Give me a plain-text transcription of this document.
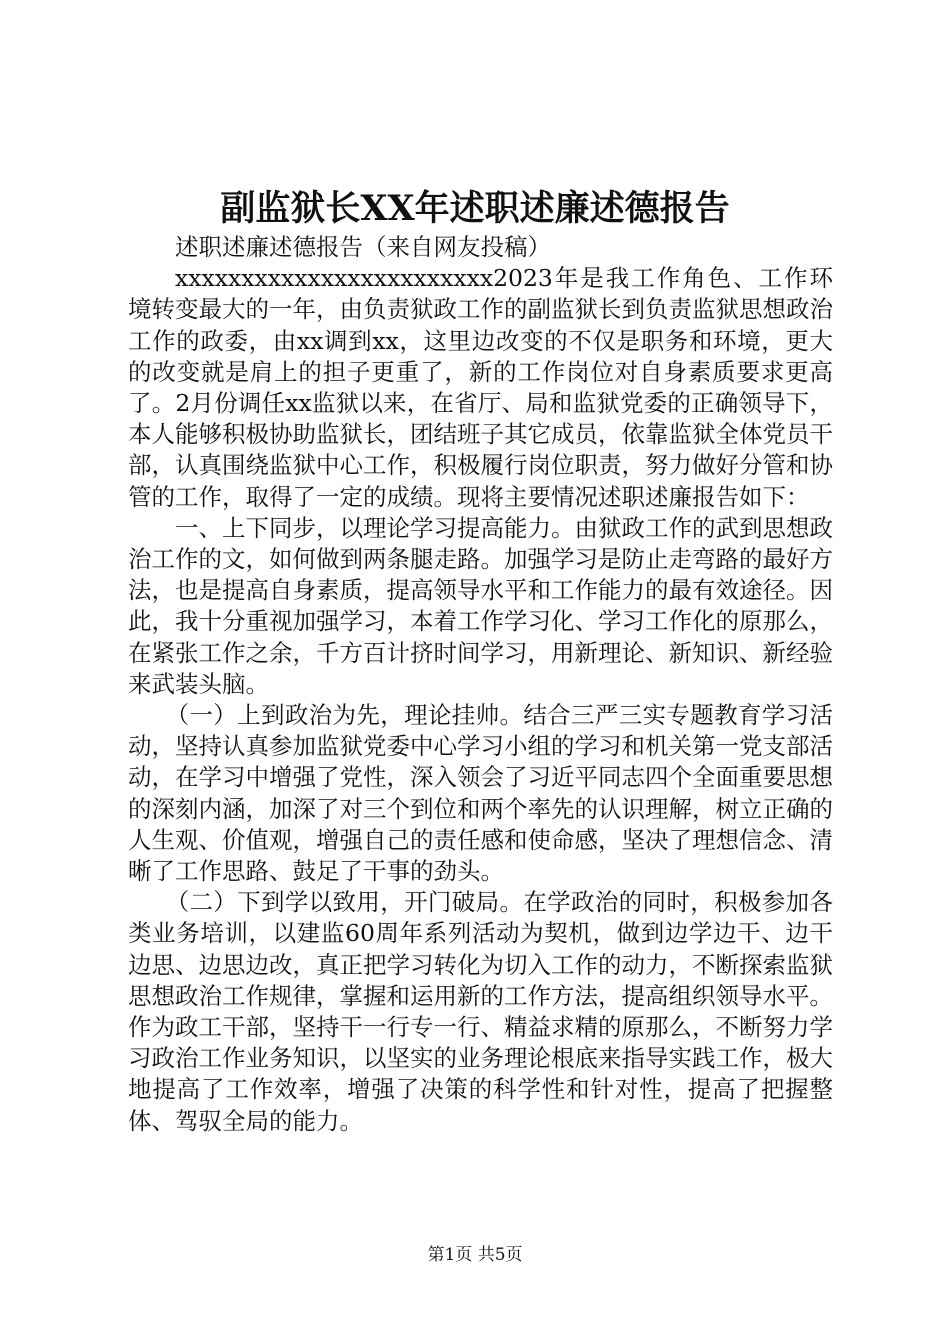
副监狱长XX年述职述廉述德报告

述职述廉述德报告（来自网友投稿）

xxxxxxxxxxxxxxxxxxxxxxxx2023年是我工作角色、工作环境转变最大的一年，由负责狱政工作的副监狱长到负责监狱思想政治工作的政委，由xx调到xx，这里边改变的不仅是职务和环境，更大的改变就是肩上的担子更重了，新的工作岗位对自身素质要求更高了。2月份调任xx监狱以来，在省厅、局和监狱党委的正确领导下，本人能够积极协助监狱长，团结班子其它成员，依靠监狱全体党员干部，认真围绕监狱中心工作，积极履行岗位职责，努力做好分管和协管的工作，取得了一定的成绩。现将主要情况述职述廉报告如下：

一、上下同步，以理论学习提高能力。由狱政工作的武到思想政治工作的文，如何做到两条腿走路。加强学习是防止走弯路的最好方法，也是提高自身素质，提高领导水平和工作能力的最有效途径。因此，我十分重视加强学习，本着工作学习化、学习工作化的原那么，在紧张工作之余，千方百计挤时间学习，用新理论、新知识、新经验来武装头脑。

（一）上到政治为先，理论挂帅。结合三严三实专题教育学习活动，坚持认真参加监狱党委中心学习小组的学习和机关第一党支部活动，在学习中增强了党性，深入领会了习近平同志四个全面重要思想的深刻内涵，加深了对三个到位和两个率先的认识理解，树立正确的人生观、价值观，增强自己的责任感和使命感，坚决了理想信念、清晰了工作思路、鼓足了干事的劲头。

（二）下到学以致用，开门破局。在学政治的同时，积极参加各类业务培训，以建监60周年系列活动为契机，做到边学边干、边干边思、边思边改，真正把学习转化为切入工作的动力，不断探索监狱思想政治工作规律，掌握和运用新的工作方法，提高组织领导水平。作为政工干部，坚持干一行专一行、精益求精的原那么，不断努力学习政治工作业务知识，以坚实的业务理论根底来指导实践工作，极大地提高了工作效率，增强了决策的科学性和针对性，提高了把握整体、驾驭全局的能力。

第1页 共5页
